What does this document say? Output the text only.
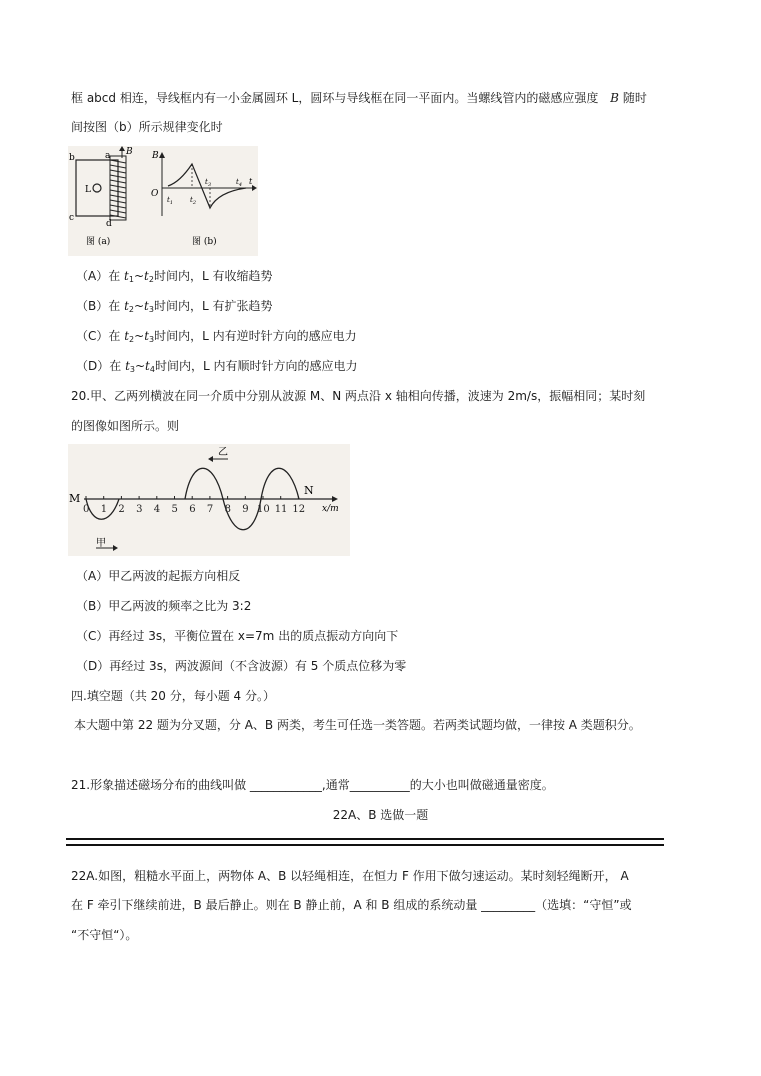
框 abcd 相连，导线框内有一小金属圆环 L，圆环与导线框在同一平面内。当螺线管内的磁感应强度 B 随时
间按图（b）所示规律变化时
b	a
c
d
L
B
图 (a)
B
O
$t_1$ $t_2$
$t_3$	$t_4$ t
图 (b)
（A）在 $t_1\sim t_2$时间内，L 有收缩趋势
（B）在 $t_2\sim t_3$时间内，L 有扩张趋势
（C）在 $t_2\sim t_3$时间内，L 内有逆时针方向的感应电力
（D）在 $t_3\sim t_4$时间内，L 内有顺时针方向的感应电力
20.甲、乙两列横波在同一介质中分别从波源 M、N 两点沿 x 轴相向传播，波速为 2m/s，振幅相同；某时刻
的图像如图所示。则
M
N
x/m
甲
乙
0 1 2 3 4 5 6 7 8 9 10 11 12
（A）甲乙两波的起振方向相反
（B）甲乙两波的频率之比为 3:2
（C）再经过 3s，平衡位置在 x=7m 出的质点振动方向向下
（D）再经过 3s，两波源间（不含波源）有 5 个质点位移为零
四.填空题（共 20 分，每小题 4 分。）
本大题中第 22 题为分叉题，分 A、B 两类，考生可任选一类答题。若两类试题均做，一律按 A 类题积分。
21.形象描述磁场分布的曲线叫做 ____________,通常__________的大小也叫做磁通量密度。
22A、B 选做一题
22A.如图，粗糙水平面上，两物体 A、B 以轻绳相连，在恒力 F 作用下做匀速运动。某时刻轻绳断开， A
在 F 牵引下继续前进，B 最后静止。则在 B 静止前，A 和 B 组成的系统动量 _________（选填：“守恒”或
“不守恒“）。
